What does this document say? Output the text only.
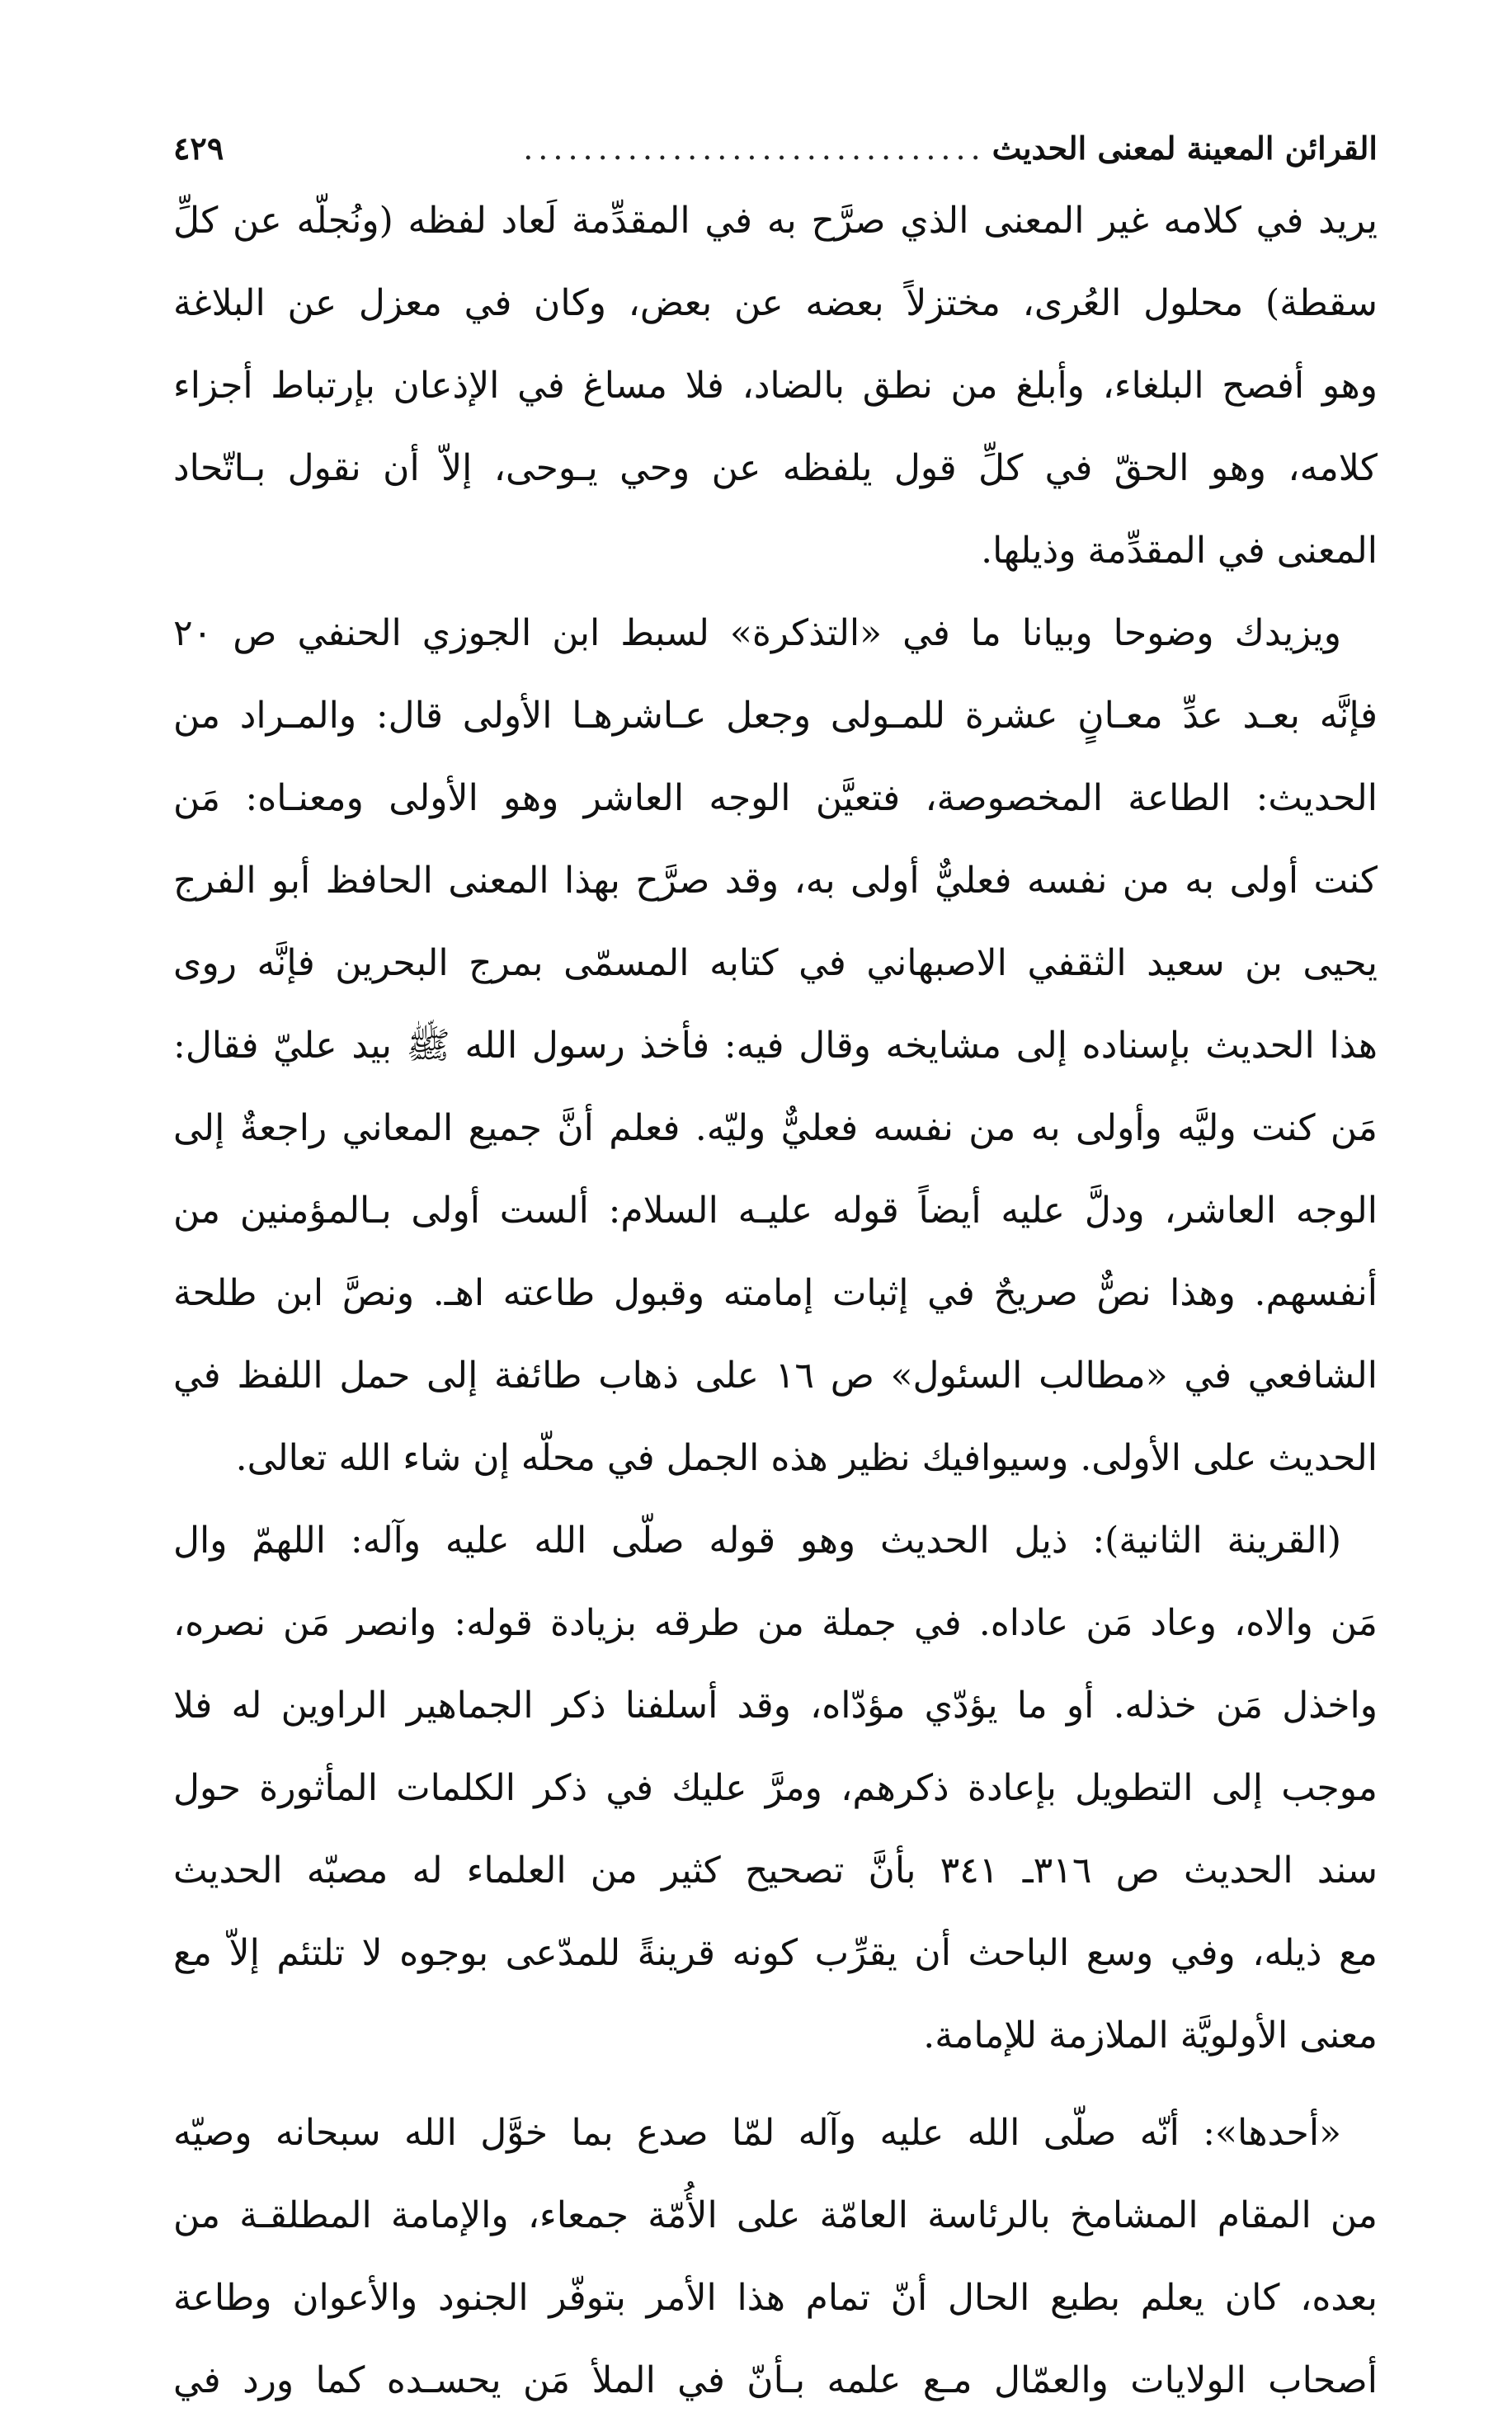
القرائن المعينة لمعنى الحديث
...............................
٤٢٩
يريد في كلامه غير المعنى الذي صرَّح به في المقدِّمة لَعاد لفظه (ونُجلّه عن كلِّ
سقطة) محلول العُرى، مختزلاً بعضه عن بعض، وكان في معزل عن البلاغة
وهو أفصح البلغاء، وأبلغ من نطق بالضاد، فلا مساغ في الإذعان بإرتباط أجزاء
كلامه، وهو الحقّ في كلِّ قول يلفظه عن وحي يـوحى، إلاّ أن نقول بـاتّحاد
المعنى في المقدِّمة وذيلها.
ويزيدك وضوحا وبيانا ما في «التذكرة» لسبط ابن الجوزي الحنفي ص ٢٠
فإنَّه بعـد عدِّ معـانٍ عشرة للمـولى وجعل عـاشرهـا الأولى قال: والمـراد من
الحديث: الطاعة المخصوصة، فتعيَّن الوجه العاشر وهو الأولى ومعنـاه: مَن
كنت أولى به من نفسه فعليٌّ أولى به، وقد صرَّح بهذا المعنى الحافظ أبو الفرج
يحيى بن سعيد الثقفي الاصبهاني في كتابه المسمّى بمرج البحرين فإنَّه روى
هذا الحديث بإسناده إلى مشايخه وقال فيه: فأخذ رسول الله ﷺ بيد عليّ فقال:
مَن كنت وليَّه وأولى به من نفسه فعليٌّ وليّه. فعلم أنَّ جميع المعاني راجعةٌ إلى
الوجه العاشر، ودلَّ عليه أيضاً قوله عليـه السلام: ألست أولى بـالمؤمنين من
أنفسهم. وهذا نصٌّ صريحٌ في إثبات إمامته وقبول طاعته اهـ. ونصَّ ابن طلحة
الشافعي في «مطالب السئول» ص ١٦ على ذهاب طائفة إلى حمل اللفظ في
الحديث على الأولى. وسيوافيك نظير هذه الجمل في محلّه إن شاء الله تعالى.
(القرينة الثانية): ذيل الحديث وهو قوله صلّى الله عليه وآله: اللهمّ وال
مَن والاه، وعاد مَن عاداه. في جملة من طرقه بزيادة قوله: وانصر مَن نصره،
واخذل مَن خذله. أو ما يؤدّي مؤدّاه، وقد أسلفنا ذكر الجماهير الراوين له فلا
موجب إلى التطويل بإعادة ذكرهم، ومرَّ عليك في ذكر الكلمات المأثورة حول
سند الحديث ص ٣١٦ـ ٣٤١ بأنَّ تصحيح كثير من العلماء له مصبّه الحديث
مع ذيله، وفي وسع الباحث أن يقرِّب كونه قرينةً للمدّعى بوجوه لا تلتئم إلاّ مع
معنى الأولويَّة الملازمة للإمامة.
«أحدها»: أنّه صلّى الله عليه وآله لمّا صدع بما خوَّل الله سبحانه وصيّه
من المقام المشامخ بالرئاسة العامّة على الأُمّة جمعاء، والإمامة المطلقـة من
بعده، كان يعلم بطبع الحال أنّ تمام هذا الأمر بتوفّر الجنود والأعوان وطاعة
أصحاب الولايات والعمّال مـع علمه بـأنّ في الملأ مَن يحسـده كما ورد في
